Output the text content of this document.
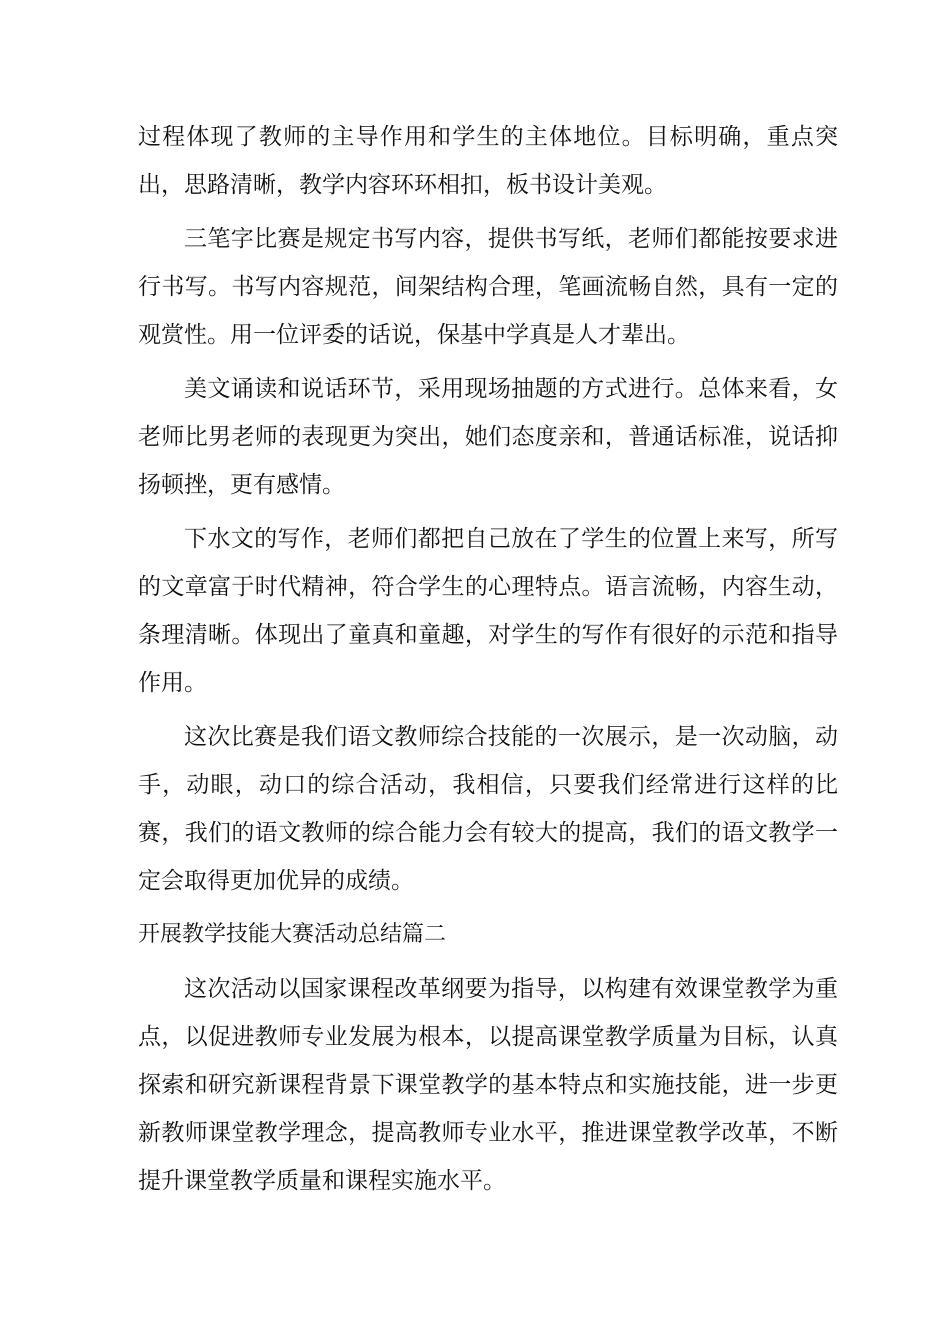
过程体现了教师的主导作用和学生的主体地位。目标明确，重点突出，思路清晰，教学内容环环相扣，板书设计美观。

三笔字比赛是规定书写内容，提供书写纸，老师们都能按要求进行书写。书写内容规范，间架结构合理，笔画流畅自然，具有一定的观赏性。用一位评委的话说，保基中学真是人才辈出。

美文诵读和说话环节，采用现场抽题的方式进行。总体来看，女老师比男老师的表现更为突出，她们态度亲和，普通话标准，说话抑扬顿挫，更有感情。

下水文的写作，老师们都把自己放在了学生的位置上来写，所写的文章富于时代精神，符合学生的心理特点。语言流畅，内容生动，条理清晰。体现出了童真和童趣，对学生的写作有很好的示范和指导作用。

这次比赛是我们语文教师综合技能的一次展示，是一次动脑，动手，动眼，动口的综合活动，我相信，只要我们经常进行这样的比赛，我们的语文教师的综合能力会有较大的提高，我们的语文教学一定会取得更加优异的成绩。

开展教学技能大赛活动总结篇二

这次活动以国家课程改革纲要为指导，以构建有效课堂教学为重点，以促进教师专业发展为根本，以提高课堂教学质量为目标，认真探索和研究新课程背景下课堂教学的基本特点和实施技能，进一步更新教师课堂教学理念，提高教师专业水平，推进课堂教学改革，不断提升课堂教学质量和课程实施水平。
